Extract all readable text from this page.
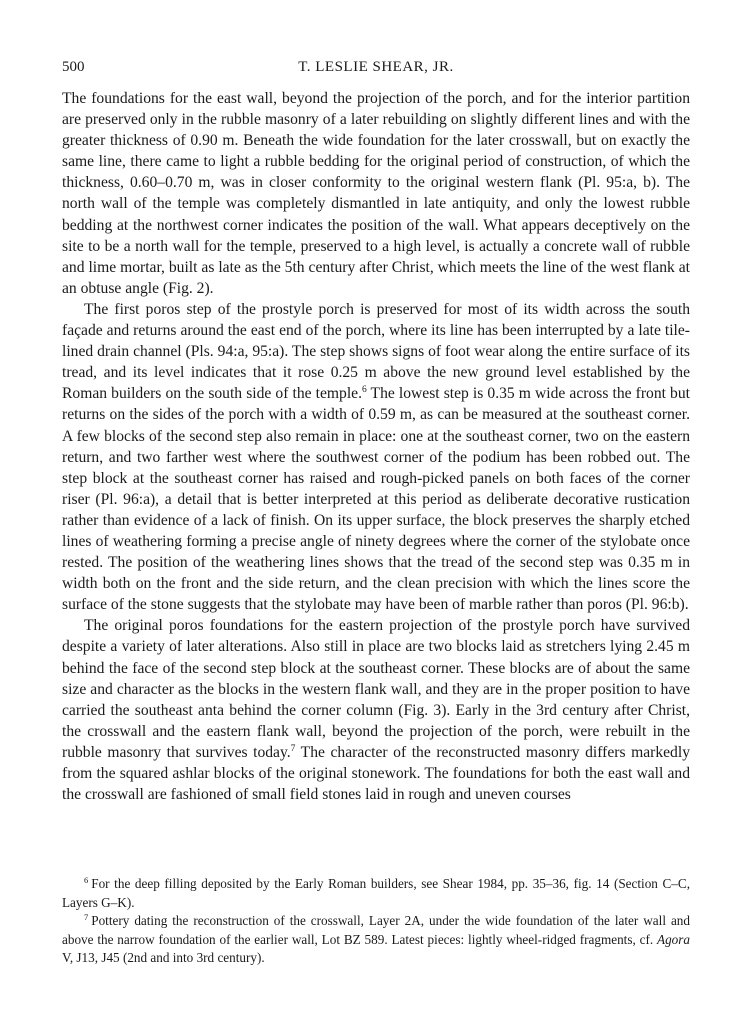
500	T. LESLIE SHEAR, JR.

The foundations for the east wall, beyond the projection of the porch, and for the interior partition are preserved only in the rubble masonry of a later rebuilding on slightly different lines and with the greater thickness of 0.90 m. Beneath the wide foundation for the later crosswall, but on exactly the same line, there came to light a rubble bedding for the original period of construction, of which the thickness, 0.60–0.70 m, was in closer conformity to the original western flank (Pl. 95:a, b). The north wall of the temple was completely dismantled in late antiquity, and only the lowest rubble bedding at the northwest corner indicates the position of the wall. What appears deceptively on the site to be a north wall for the temple, preserved to a high level, is actually a concrete wall of rubble and lime mortar, built as late as the 5th century after Christ, which meets the line of the west flank at an obtuse angle (Fig. 2).

The first poros step of the prostyle porch is preserved for most of its width across the south façade and returns around the east end of the porch, where its line has been interrupted by a late tile-lined drain channel (Pls. 94:a, 95:a). The step shows signs of foot wear along the entire surface of its tread, and its level indicates that it rose 0.25 m above the new ground level established by the Roman builders on the south side of the temple.$^6$ The lowest step is 0.35 m wide across the front but returns on the sides of the porch with a width of 0.59 m, as can be measured at the southeast corner. A few blocks of the second step also remain in place: one at the southeast corner, two on the eastern return, and two farther west where the southwest corner of the podium has been robbed out. The step block at the southeast corner has raised and rough-picked panels on both faces of the corner riser (Pl. 96:a), a detail that is better interpreted at this period as deliberate decorative rustication rather than evidence of a lack of finish. On its upper surface, the block preserves the sharply etched lines of weathering forming a precise angle of ninety degrees where the corner of the stylobate once rested. The position of the weathering lines shows that the tread of the second step was 0.35 m in width both on the front and the side return, and the clean precision with which the lines score the surface of the stone suggests that the stylobate may have been of marble rather than poros (Pl. 96:b).

The original poros foundations for the eastern projection of the prostyle porch have survived despite a variety of later alterations. Also still in place are two blocks laid as stretchers lying 2.45 m behind the face of the second step block at the southeast corner. These blocks are of about the same size and character as the blocks in the western flank wall, and they are in the proper position to have carried the southeast anta behind the corner column (Fig. 3). Early in the 3rd century after Christ, the crosswall and the eastern flank wall, beyond the projection of the porch, were rebuilt in the rubble masonry that survives today.$^7$ The character of the reconstructed masonry differs markedly from the squared ashlar blocks of the original stonework. The foundations for both the east wall and the crosswall are fashioned of small field stones laid in rough and uneven courses

$^6$ For the deep filling deposited by the Early Roman builders, see Shear 1984, pp. 35–36, fig. 14 (Section C–C, Layers G–K).

$^7$ Pottery dating the reconstruction of the crosswall, Layer 2A, under the wide foundation of the later wall and above the narrow foundation of the earlier wall, Lot BZ 589. Latest pieces: lightly wheel-ridged fragments, cf. Agora V, J13, J45 (2nd and into 3rd century).
